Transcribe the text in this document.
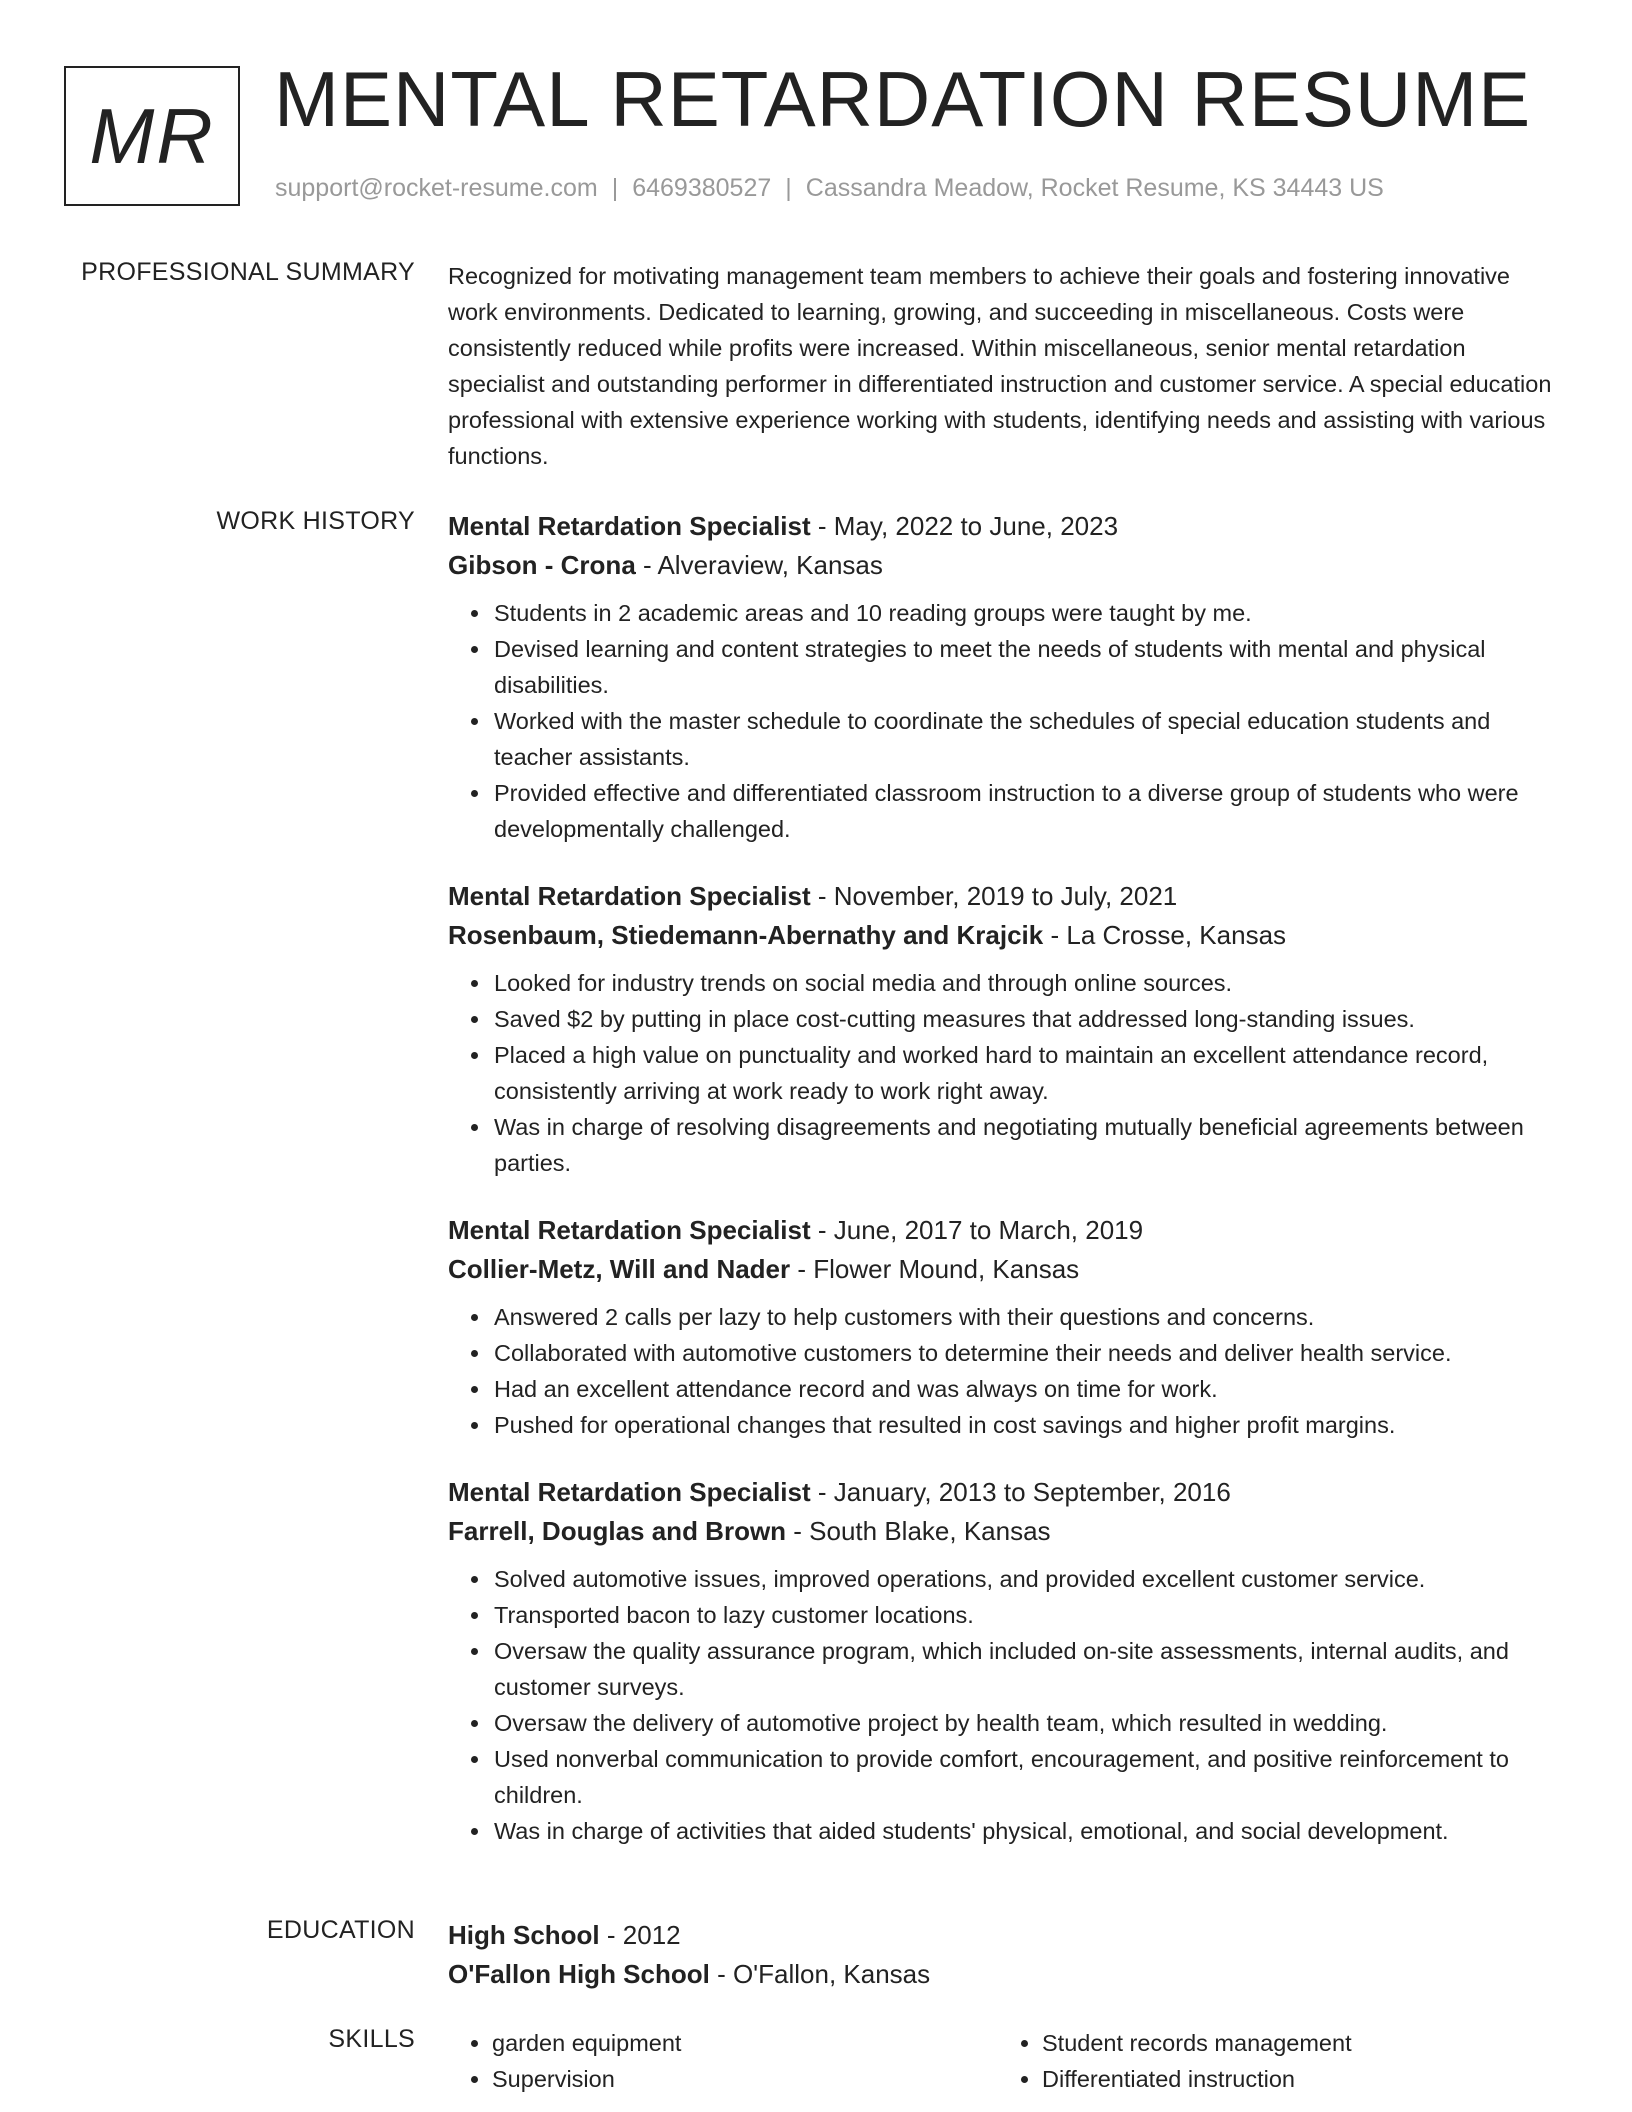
MR MENTAL RETARDATION RESUME
support@rocket-resume.com | 6469380527 | Cassandra Meadow, Rocket Resume, KS 34443 US
PROFESSIONAL SUMMARY Recognized for motivating management team members to achieve their goals and fostering innovative work environments. Dedicated to learning, growing, and succeeding in miscellaneous. Costs were consistently reduced while profits were increased. Within miscellaneous, senior mental retardation specialist and outstanding performer in differentiated instruction and customer service. A special education professional with extensive experience working with students, identifying needs and assisting with various functions.

WORK HISTORY Mental Retardation Specialist - May, 2022 to June, 2023
Gibson - Crona - Alveraview, Kansas
• Students in 2 academic areas and 10 reading groups were taught by me.
• Devised learning and content strategies to meet the needs of students with mental and physical disabilities.
• Worked with the master schedule to coordinate the schedules of special education students and teacher assistants.
• Provided effective and differentiated classroom instruction to a diverse group of students who were developmentally challenged.
Mental Retardation Specialist - November, 2019 to July, 2021
Rosenbaum, Stiedemann-Abernathy and Krajcik - La Crosse, Kansas
• Looked for industry trends on social media and through online sources.
• Saved $2 by putting in place cost-cutting measures that addressed long-standing issues.
• Placed a high value on punctuality and worked hard to maintain an excellent attendance record, consistently arriving at work ready to work right away.
• Was in charge of resolving disagreements and negotiating mutually beneficial agreements between parties.
Mental Retardation Specialist - June, 2017 to March, 2019
Collier-Metz, Will and Nader - Flower Mound, Kansas
• Answered 2 calls per lazy to help customers with their questions and concerns.
• Collaborated with automotive customers to determine their needs and deliver health service.
• Had an excellent attendance record and was always on time for work.
• Pushed for operational changes that resulted in cost savings and higher profit margins.
Mental Retardation Specialist - January, 2013 to September, 2016
Farrell, Douglas and Brown - South Blake, Kansas
• Solved automotive issues, improved operations, and provided excellent customer service.
• Transported bacon to lazy customer locations.
• Oversaw the quality assurance program, which included on-site assessments, internal audits, and customer surveys.
• Oversaw the delivery of automotive project by health team, which resulted in wedding.
• Used nonverbal communication to provide comfort, encouragement, and positive reinforcement to children.
• Was in charge of activities that aided students' physical, emotional, and social development.
EDUCATION High School - 2012
O'Fallon High School - O'Fallon, Kansas
SKILLS
•	garden equipment
• Supervision
• Student records management
• Differentiated instruction
